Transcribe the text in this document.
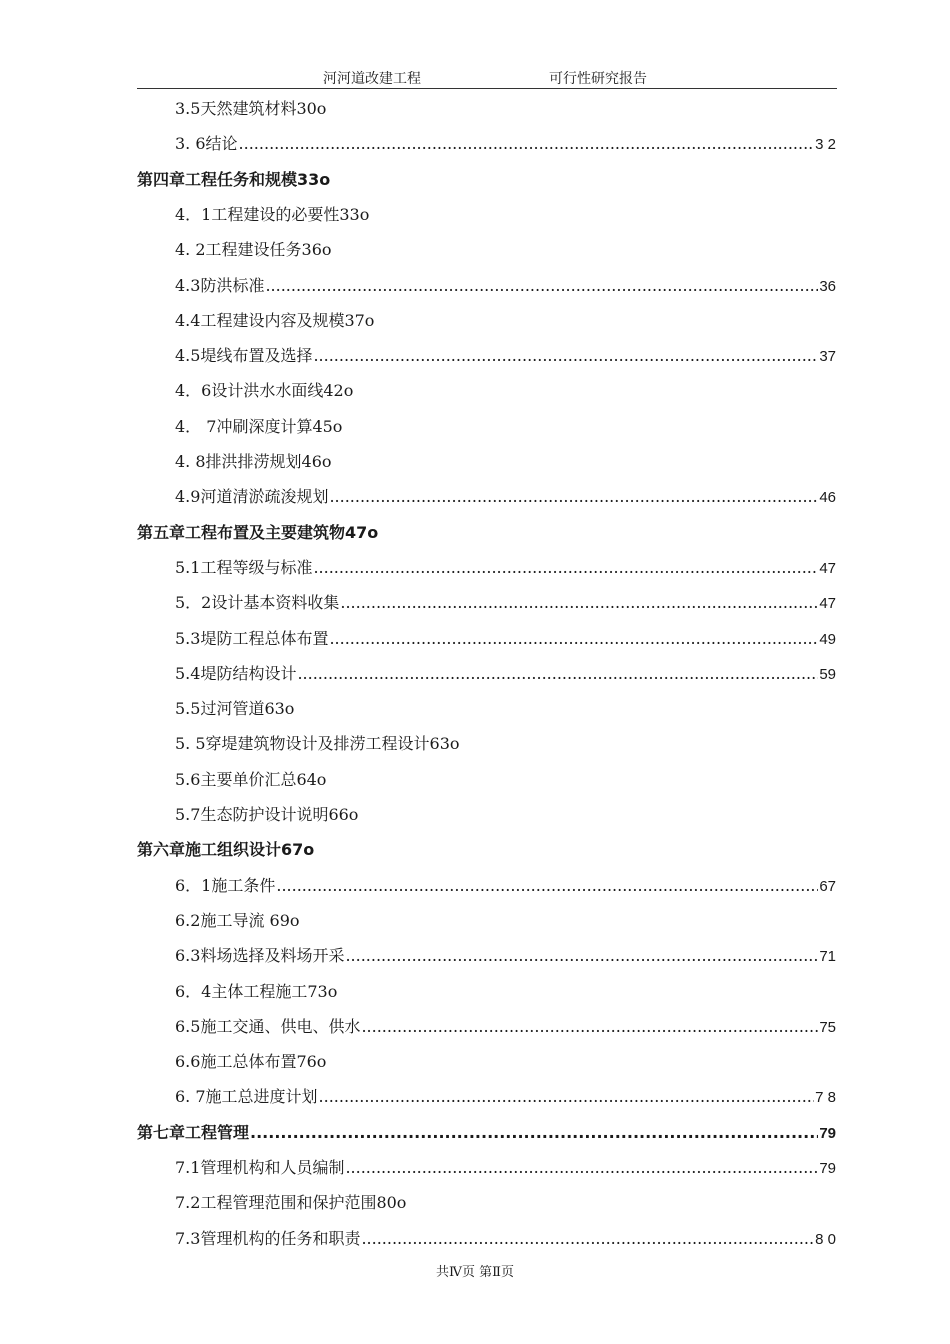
河河道改建工程	可行性研究报告
3.5天然建筑材料30o
3. 6结论 .....	3 2
第四章工程任务和规模33o
4．1工程建设的必要性33o
4. 2工程建设任务36o
4.3防洪标准 .....	36
4.4工程建设内容及规模37o
4.5堤线布置及选择 .....	37
4．6设计洪水水面线42o
4． 7冲刷深度计算45o
4. 8排洪排涝规划46o
4.9河道清淤疏浚规划 .....	46
第五章工程布置及主要建筑物47o
5.1工程等级与标准 .....	47
5．2设计基本资料收集 .....	47
5.3堤防工程总体布置 .....	49
5.4堤防结构设计 .....	59
5.5过河管道63o
5. 5穿堤建筑物设计及排涝工程设计63o
5.6主要单价汇总64o
5.7生态防护设计说明66o
第六章施工组织设计67o
6．1施工条件 .....	67
6.2施工导流 69o
6.3料场选择及料场开采 .....	71
6．4主体工程施工73o
6.5施工交通、供电、供水 .....	75
6.6施工总体布置76o
6. 7施工总进度计划 .....	7 8
第七章工程管理 .....	79
7.1管理机构和人员编制 .....	79
7.2工程管理范围和保护范围80o
7.3管理机构的任务和职责 .....	8 0
共Ⅳ页 第Ⅱ页
